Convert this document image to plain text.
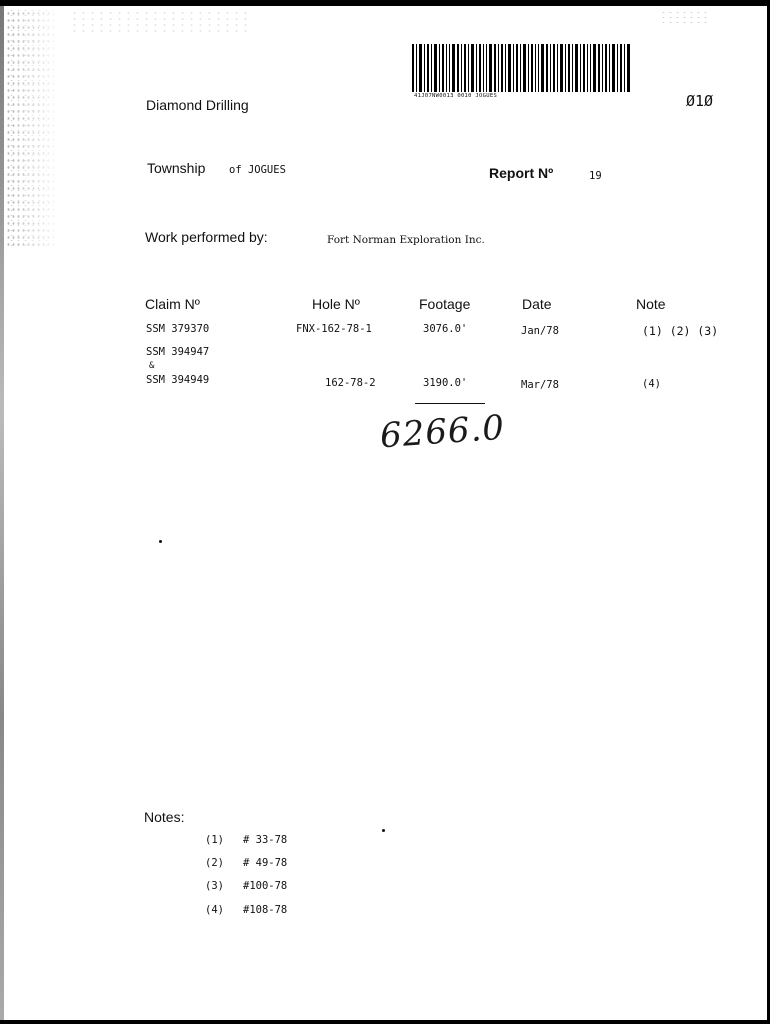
41J07NW0013 0010 JOGUES
Diamond Drilling	Ø1Ø
Township of JOGUES	Report Nº	19
Work performed by:	Fort Norman Exploration Inc.
Claim Nº	Hole Nº	Footage	Date	Note
SSM 379370	FNX-162-78-1	3076.0'	Jan/78	(1) (2) (3)
SSM 394947
&
SSM 394949	162-78-2	3190.0'	Mar/78	(4)
6266.0
Notes:
(1) # 33-78
(2) # 49-78
(3) #100-78
(4) #108-78
